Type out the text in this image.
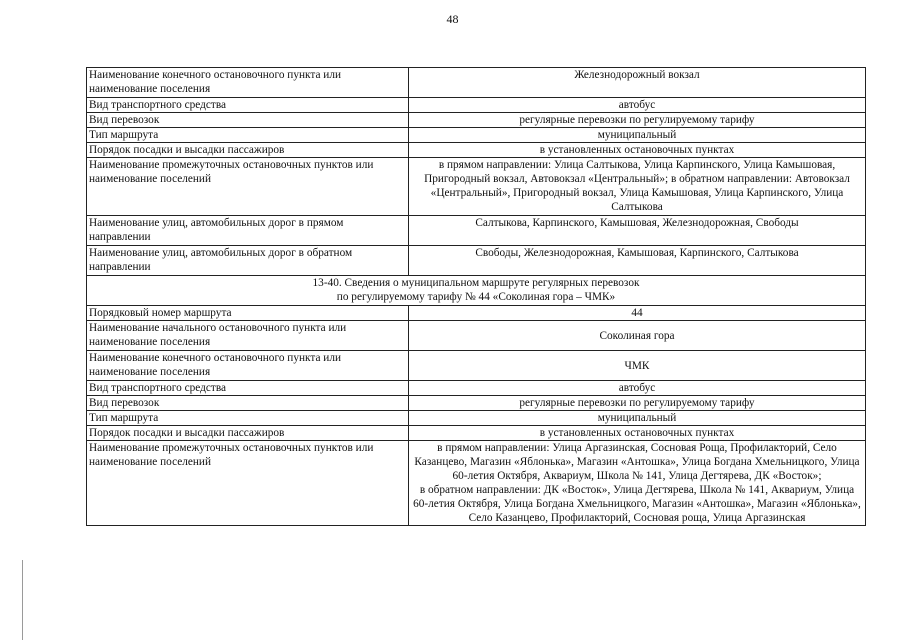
48
Наименование конечного остановочного пункта или наименование поселения	Железнодорожный вокзал
Вид транспортного средства	автобус
Вид перевозок	регулярные перевозки по регулируемому тарифу
Тип маршрута	муниципальный
Порядок посадки и высадки пассажиров	в установленных остановочных пунктах
Наименование промежуточных остановочных пунктов или наименование поселений	в прямом направлении: Улица Салтыкова, Улица Карпинского, Улица Камышовая, Пригородный вокзал, Автовокзал «Центральный»; в обратном направлении: Автовокзал «Центральный», Пригородный вокзал, Улица Камышовая, Улица Карпинского, Улица Салтыкова
Наименование улиц, автомобильных дорог в прямом направлении	Салтыкова, Карпинского, Камышовая, Железнодорожная, Свободы
Наименование улиц, автомобильных дорог в обратном направлении	Свободы, Железнодорожная, Камышовая, Карпинского, Салтыкова

13-40. Сведения о муниципальном маршруте регулярных перевозок
по регулируемому тарифу № 44 «Соколиная гора – ЧМК»	

Порядковый номер маршрута	44
Наименование начального остановочного пункта или наименование поселения	Соколиная гора
Наименование конечного остановочного пункта или наименование поселения	ЧМК
Вид транспортного средства	автобус
Вид перевозок	регулярные перевозки по регулируемому тарифу
Тип маршрута	муниципальный
Порядок посадки и высадки пассажиров	в установленных остановочных пунктах
Наименование промежуточных остановочных пунктов или наименование поселений	в прямом направлении: Улица Аргазинская, Сосновая Роща, Профилакторий, Село Казанцево, Магазин «Яблонька», Магазин «Антошка», Улица Богдана Хмельницкого, Улица 60-летия Октября, Аквариум, Школа № 141, Улица Дегтярева, ДК «Восток»;
в обратном направлении: ДК «Восток», Улица Дегтярева, Школа № 141, Аквариум, Улица 60-летия Октября, Улица Богдана Хмельницкого, Магазин «Антошка», Магазин «Яблонька», Село Казанцево, Профилакторий, Сосновая роща, Улица Аргазинская
